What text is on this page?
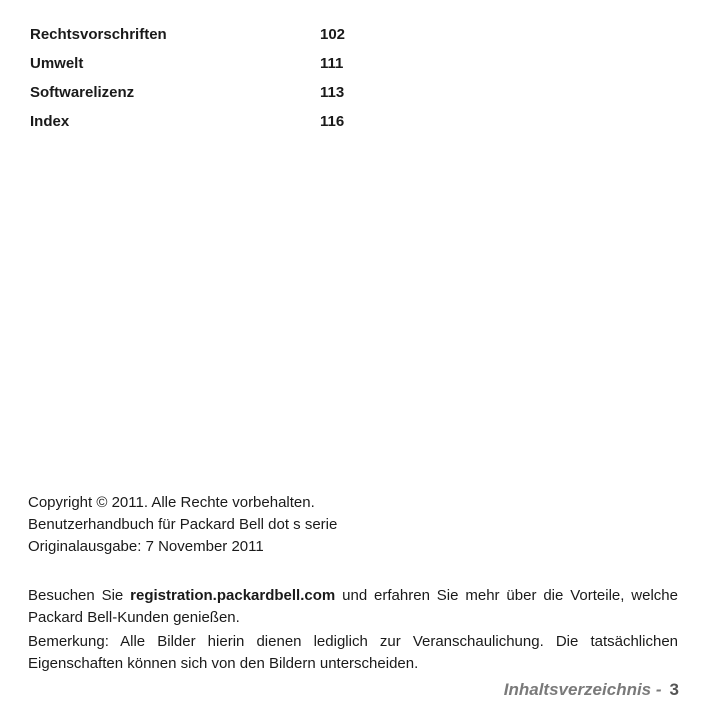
Rechtsvorschriften	102
Umwelt	111
Softwarelizenz	113
Index	116

Copyright © 2011. Alle Rechte vorbehalten.

Benutzerhandbuch für Packard Bell dot s serie

Originalausgabe: 7 November 2011

Besuchen Sie registration.packardbell.com und erfahren Sie mehr über die Vorteile, welche Packard Bell-Kunden genießen.

Bemerkung: Alle Bilder hierin dienen lediglich zur Veranschaulichung. Die tatsächlichen Eigenschaften können sich von den Bildern unterscheiden.

Inhaltsverzeichnis - 3
